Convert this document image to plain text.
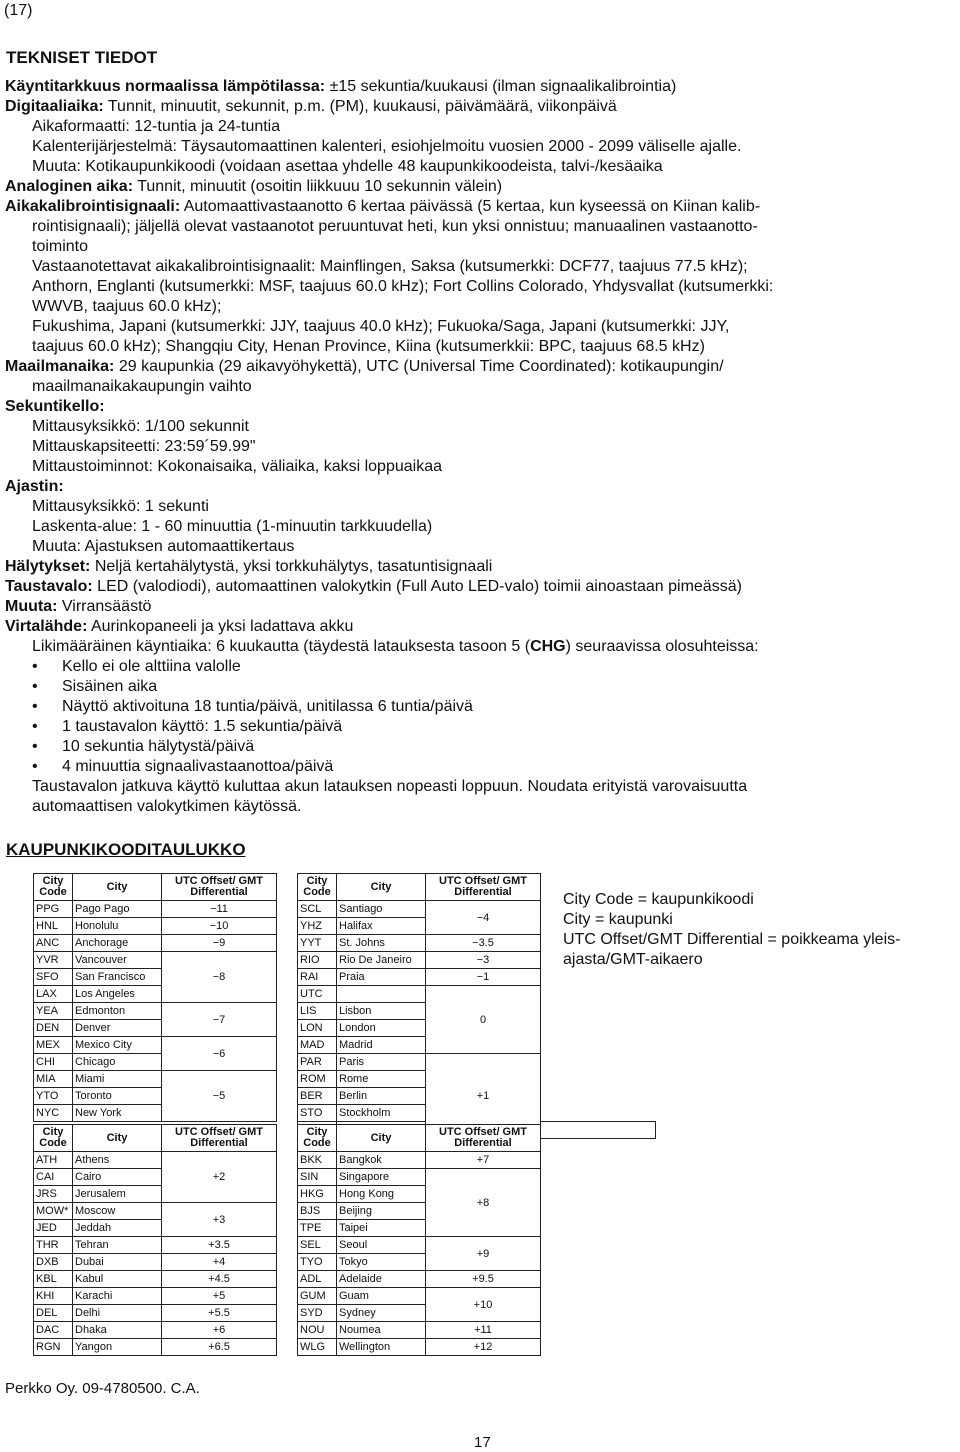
(17)
TEKNISET TIEDOT
Käyntitarkkuus normaalissa lämpötilassa: ±15 sekuntia/kuukausi (ilman signaalikalibrointia)
Digitaaliaika: Tunnit, minuutit, sekunnit, p.m. (PM), kuukausi, päivämäärä, viikonpäivä
Aikaformaatti: 12-tuntia ja 24-tuntia
Kalenterijärjestelmä: Täysautomaattinen kalenteri, esiohjelmoitu vuosien 2000 - 2099 väliselle ajalle.
Muuta: Kotikaupunkikoodi (voidaan asettaa yhdelle 48 kaupunkikoodeista, talvi-/kesäaika
Analoginen aika: Tunnit, minuutit (osoitin liikkuuu 10 sekunnin välein)
Aikakalibrointisignaali: Automaattivastaanotto 6 kertaa päivässä (5 kertaa, kun kyseessä on Kiinan kalib-
rointisignaali); jäljellä olevat vastaanotot peruuntuvat heti, kun yksi onnistuu; manuaalinen vastaanotto-
toiminto
Vastaanotettavat aikakalibrointisignaalit: Mainflingen, Saksa (kutsumerkki: DCF77, taajuus 77.5 kHz);
Anthorn, Englanti (kutsumerkki: MSF, taajuus 60.0 kHz); Fort Collins Colorado, Yhdysvallat (kutsumerkki:
WWVB, taajuus 60.0 kHz);
Fukushima, Japani (kutsumerkki: JJY, taajuus 40.0 kHz); Fukuoka/Saga, Japani (kutsumerkki: JJY,
taajuus 60.0 kHz); Shangqiu City, Henan Province, Kiina (kutsumerkkii: BPC, taajuus 68.5 kHz)
Maailmanaika: 29 kaupunkia (29 aikavyöhykettä), UTC (Universal Time Coordinated): kotikaupungin/
maailmanaikakaupungin vaihto
Sekuntikello:
Mittausyksikkö: 1/100 sekunnit
Mittauskapsiteetti: 23:59´59.99"
Mittaustoiminnot: Kokonaisaika, väliaika, kaksi loppuaikaa
Ajastin:
Mittausyksikkö: 1 sekunti
Laskenta-alue: 1 - 60 minuuttia (1-minuutin tarkkuudella)
Muuta: Ajastuksen automaattikertaus
Hälytykset: Neljä kertahälytystä, yksi torkkuhälytys, tasatuntisignaali
Taustavalo: LED (valodiodi), automaattinen valokytkin (Full Auto LED-valo) toimii ainoastaan pimeässä)
Muuta: Virransäästö
Virtalähde: Aurinkopaneeli ja yksi ladattava akku
Likimääräinen käyntiaika: 6 kuukautta (täydestä latauksesta tasoon 5 (CHG) seuraavissa olosuhteissa:
• Kello ei ole alttiina valolle
• Sisäinen aika
• Näyttö aktivoituna 18 tuntia/päivä, unitilassa 6 tuntia/päivä
• 1 taustavalon käyttö: 1.5 sekuntia/päivä
• 10 sekuntia hälytystä/päivä
• 4 minuuttia signaalivastaanottoa/päivä
Taustavalon jatkuva käyttö kuluttaa akun latauksen nopeasti loppuun. Noudata erityistä varovaisuutta
automaattisen valokytkimen käytössä.
KAUPUNKIKOODITAULUKKO
City Code	City	UTC Offset/ GMT Differential
PPG	Pago Pago	−11
HNL	Honolulu	−10
ANC	Anchorage	−9
YVR	Vancouver	−8
SFO	San Francisco	
LAX	Los Angeles	
YEA	Edmonton	−7
DEN	Denver	
MEX	Mexico City	−6
CHI	Chicago	
MIA	Miami	−5
YTO	Toronto	
NYC	New York	
City Code	City	UTC Offset/ GMT Differential	
SCL	Santiago	−4	
YHZ	Halifax		
YYT	St. Johns	−3.5	
RIO	Rio De Janeiro	−3	
RAI	Praia	−1	
UTC		0	
LIS	Lisbon		
LON	London		
MAD	Madrid		
PAR	Paris	+1	
ROM	Rome		
BER	Berlin		
STO	Stockholm		

City Code	City	UTC Offset/ GMT Differential
ATH	Athens	+2
CAI	Cairo	
JRS	Jerusalem	
MOW*	Moscow	+3
JED	Jeddah	
THR	Tehran	+3.5
DXB	Dubai	+4
KBL	Kabul	+4.5
KHI	Karachi	+5
DEL	Delhi	+5.5
DAC	Dhaka	+6
RGN	Yangon	+6.5
City Code	City	UTC Offset/ GMT Differential
BKK	Bangkok	+7
SIN	Singapore	+8
HKG	Hong Kong	
BJS	Beijing	
TPE	Taipei	
SEL	Seoul	+9
TYO	Tokyo	
ADL	Adelaide	+9.5
GUM	Guam	+10
SYD	Sydney	
NOU	Noumea	+11
WLG	Wellington	+12
City Code = kaupunkikoodi
City = kaupunki
UTC Offset/GMT Differential = poikkeama yleis-
ajasta/GMT-aikaero
Perkko Oy. 09-4780500. C.A.
17
